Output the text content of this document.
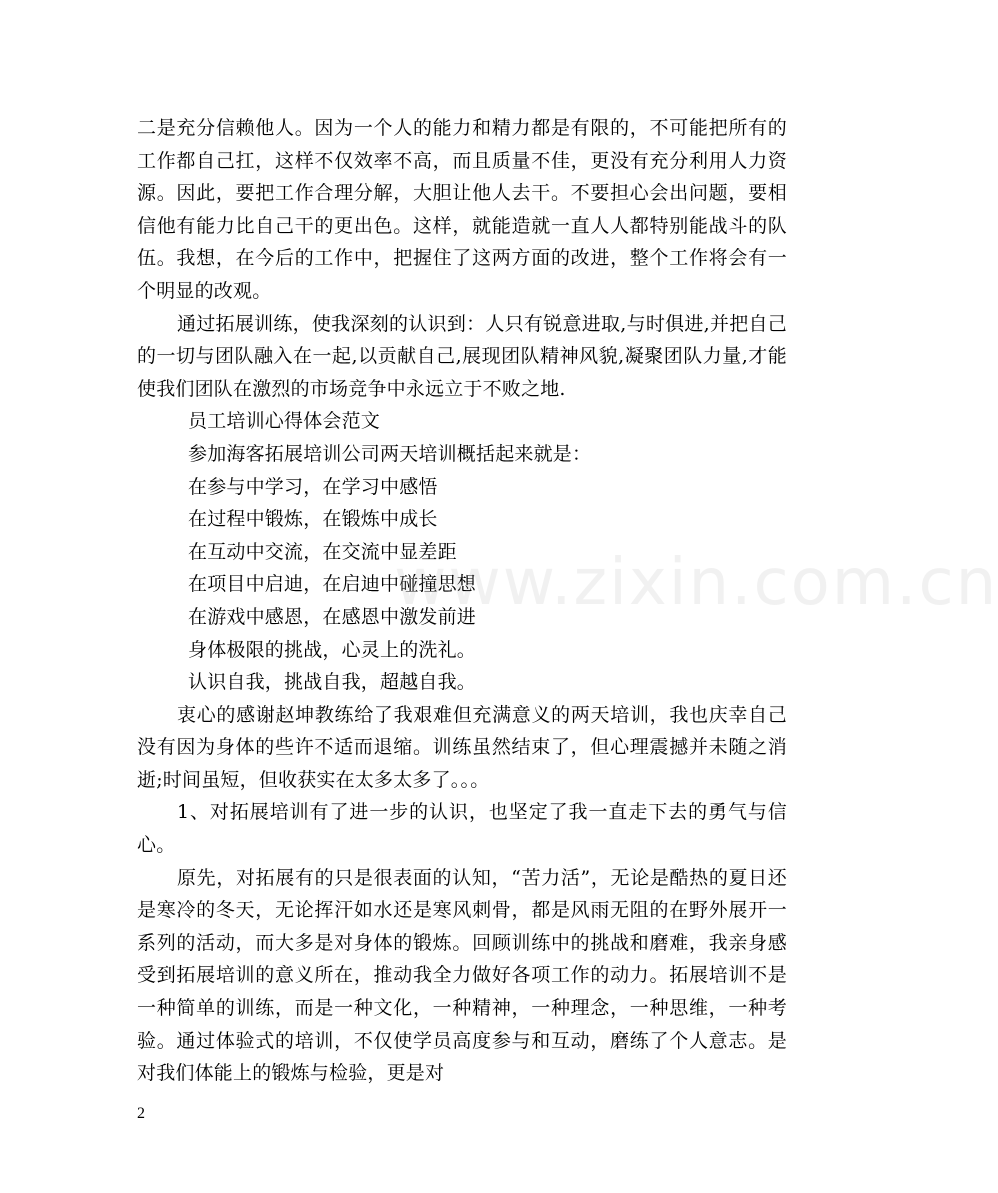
二是充分信赖他人。因为一个人的能力和精力都是有限的，不可能把所有的工作都自己扛，这样不仅效率不高，而且质量不佳，更没有充分利用人力资源。因此，要把工作合理分解，大胆让他人去干。不要担心会出问题，要相信他有能力比自己干的更出色。这样，就能造就一直人人都特别能战斗的队伍。我想，在今后的工作中，把握住了这两方面的改进，整个工作将会有一个明显的改观。

通过拓展训练，使我深刻的认识到：人只有锐意进取,与时俱进,并把自己的一切与团队融入在一起,以贡献自己,展现团队精神风貌,凝聚团队力量,才能使我们团队在激烈的市场竞争中永远立于不败之地.

员工培训心得体会范文

参加海客拓展培训公司两天培训概括起来就是：

在参与中学习，在学习中感悟

在过程中锻炼，在锻炼中成长

在互动中交流，在交流中显差距

在项目中启迪，在启迪中碰撞思想

在游戏中感恩，在感恩中激发前进

身体极限的挑战，心灵上的洗礼。

认识自我，挑战自我，超越自我。

衷心的感谢赵坤教练给了我艰难但充满意义的两天培训，我也庆幸自己没有因为身体的些许不适而退缩。训练虽然结束了，但心理震撼并未随之消逝;时间虽短，但收获实在太多太多了。。。

1、对拓展培训有了进一步的认识，也坚定了我一直走下去的勇气与信心。

原先，对拓展有的只是很表面的认知，“苦力活”，无论是酷热的夏日还是寒冷的冬天，无论挥汗如水还是寒风刺骨，都是风雨无阻的在野外展开一系列的活动，而大多是对身体的锻炼。回顾训练中的挑战和磨难，我亲身感受到拓展培训的意义所在，推动我全力做好各项工作的动力。拓展培训不是一种简单的训练，而是一种文化，一种精神，一种理念，一种思维，一种考验。通过体验式的培训，不仅使学员高度参与和互动，磨练了个人意志。是对我们体能上的锻炼与检验，更是对

www.zixin.com.cn
2
